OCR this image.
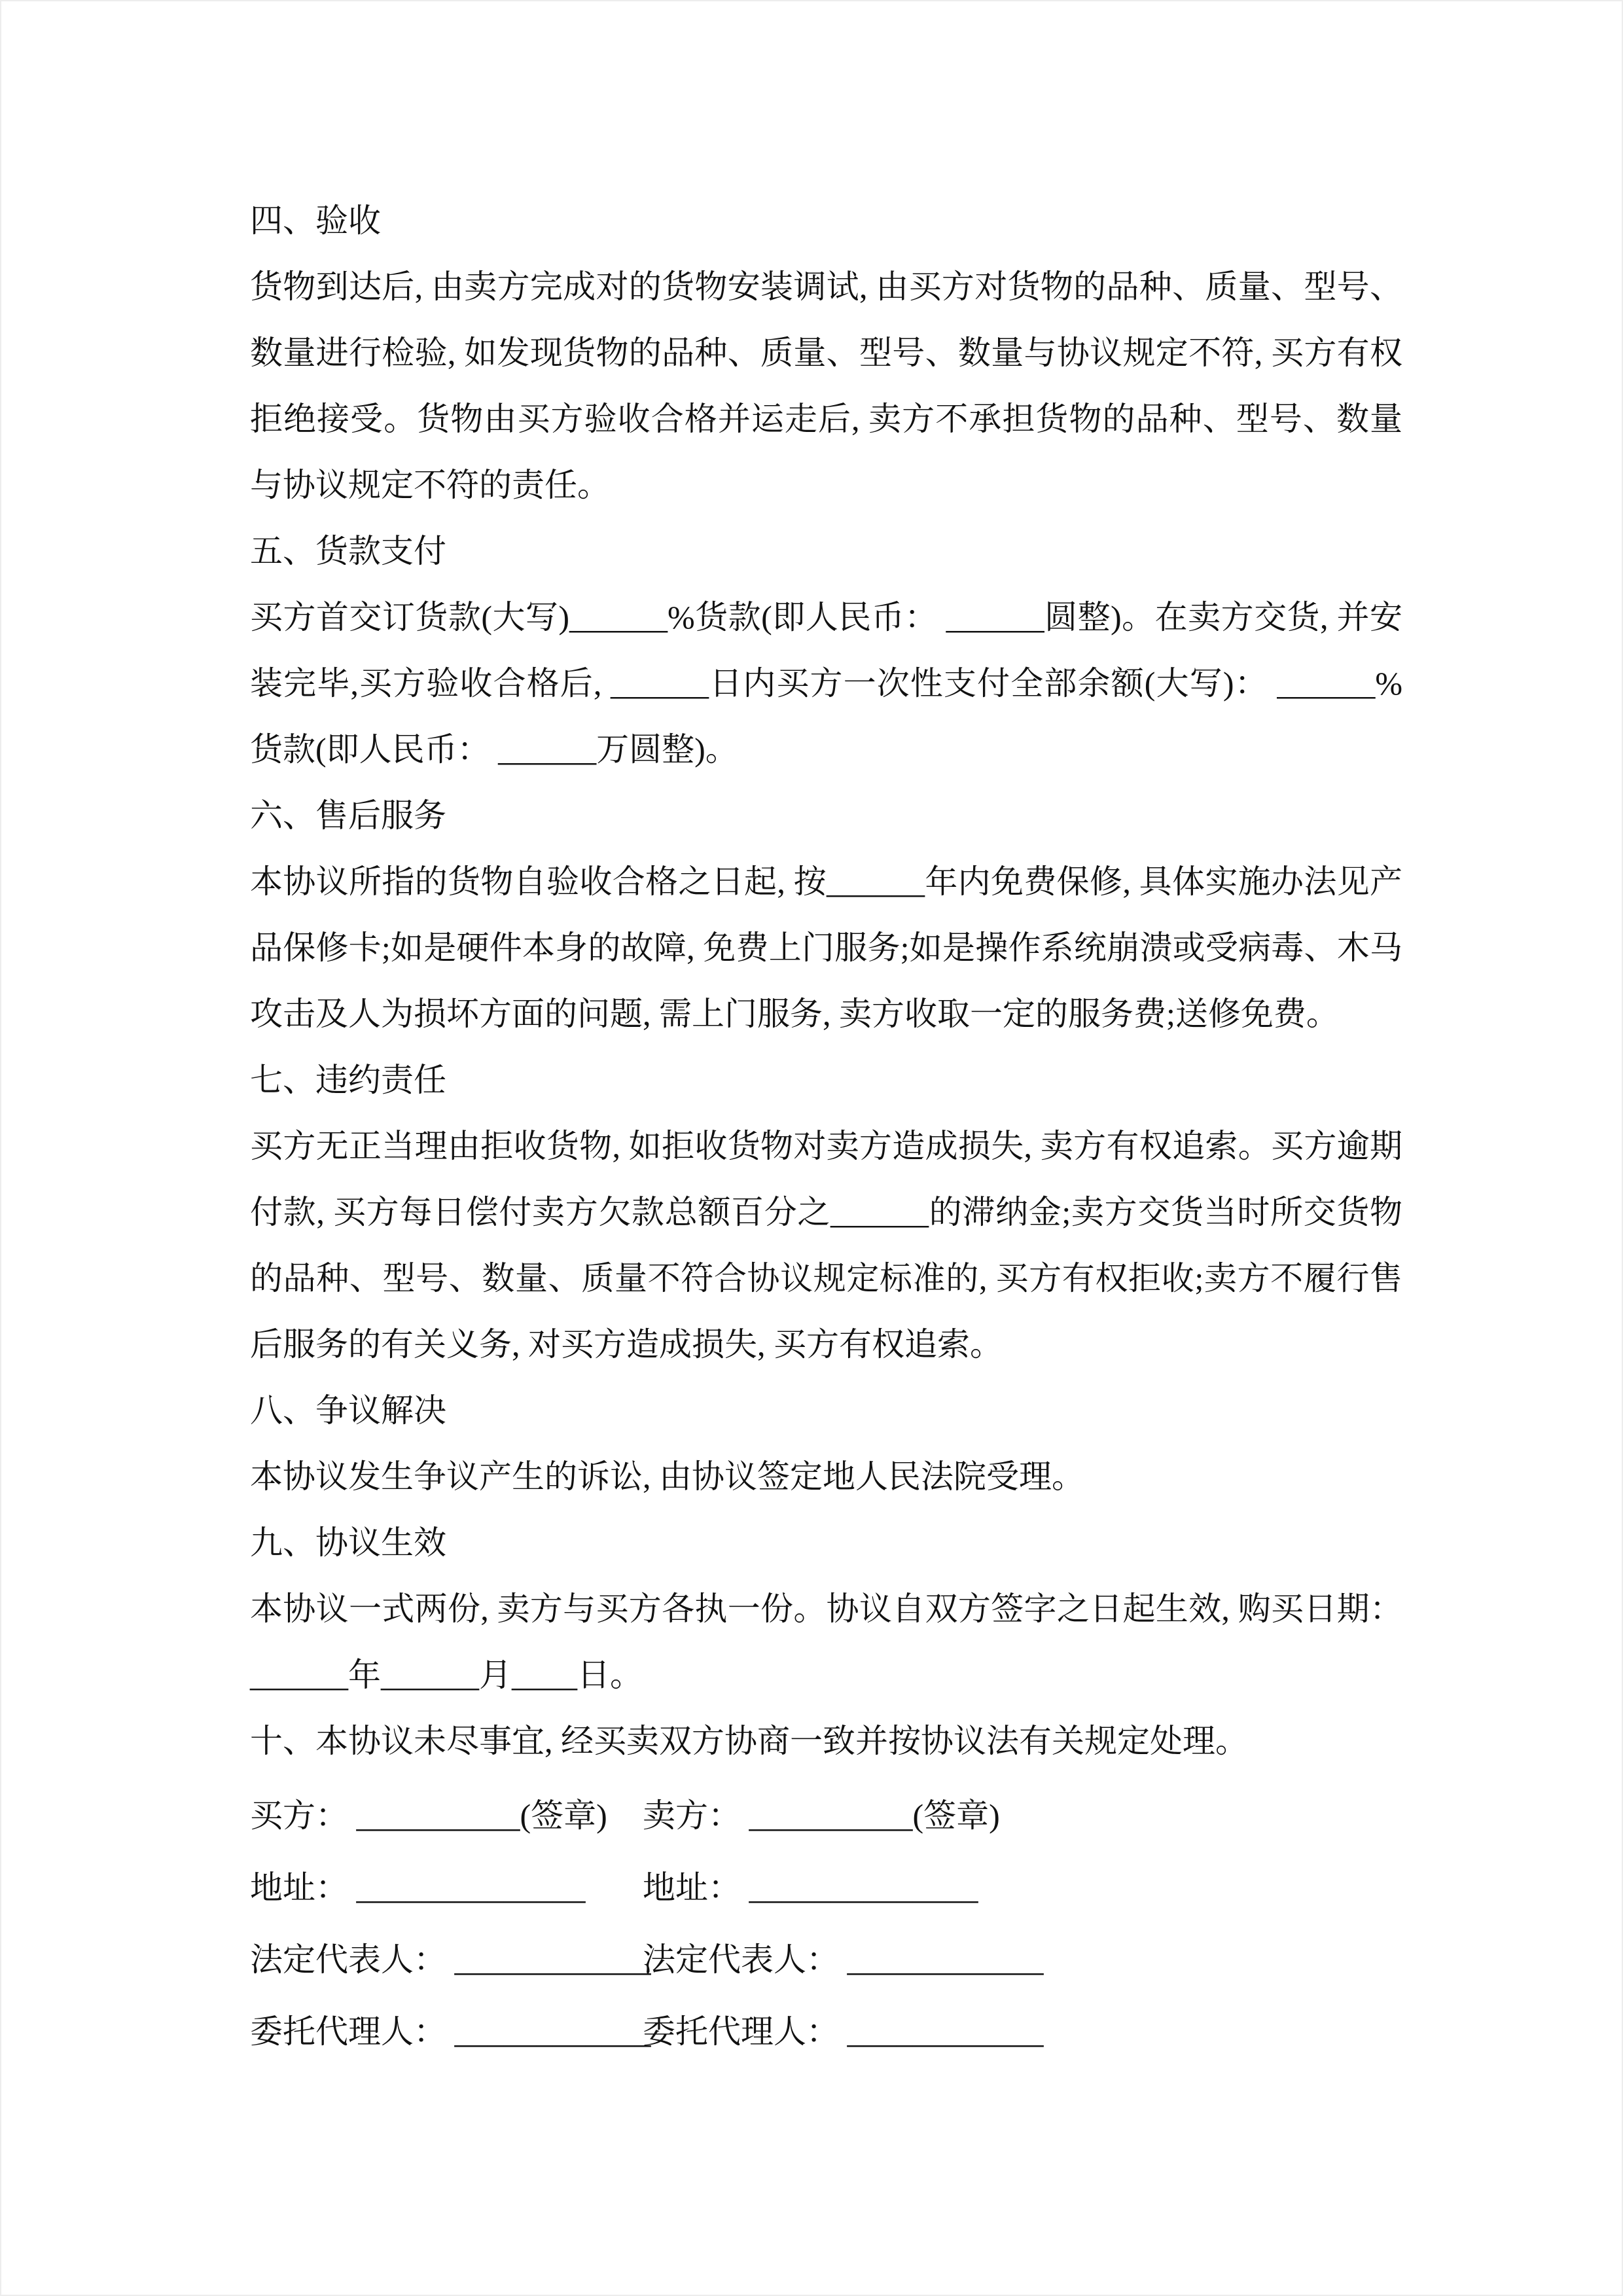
四、验收

货物到达后, 由卖方完成对的货物安装调试, 由买方对货物的品种、质量、型号、数量进行检验, 如发现货物的品种、质量、型号、数量与协议规定不符, 买方有权拒绝接受。货物由买方验收合格并运走后, 卖方不承担货物的品种、型号、数量与协议规定不符的责任。

五、货款支付

买方首交订货款(大写)______%货款(即人民币： ______圆整)。在卖方交货, 并安装完毕,买方验收合格后, ______日内买方一次性支付全部余额(大写)： ______%货款(即人民币： ______万圆整)。

六、售后服务

本协议所指的货物自验收合格之日起, 按______年内免费保修, 具体实施办法见产品保修卡;如是硬件本身的故障, 免费上门服务;如是操作系统崩溃或受病毒、木马攻击及人为损坏方面的问题, 需上门服务, 卖方收取一定的服务费;送修免费。

七、违约责任

买方无正当理由拒收货物, 如拒收货物对卖方造成损失, 卖方有权追索。买方逾期付款, 买方每日偿付卖方欠款总额百分之______的滞纳金;卖方交货当时所交货物的品种、型号、数量、质量不符合协议规定标准的, 买方有权拒收;卖方不履行售后服务的有关义务, 对买方造成损失, 买方有权追索。

八、争议解决

本协议发生争议产生的诉讼, 由协议签定地人民法院受理。

九、协议生效

本协议一式两份, 卖方与买方各执一份。协议自双方签字之日起生效, 购买日期： ______年______月____日。

十、本协议未尽事宜, 经买卖双方协商一致并按协议法有关规定处理。
买方： __________(签章) 卖方： __________(签章)
地址： ______________ 地址： ______________
法定代表人： ____________法定代表人： ____________
委托代理人： ____________委托代理人： ____________
